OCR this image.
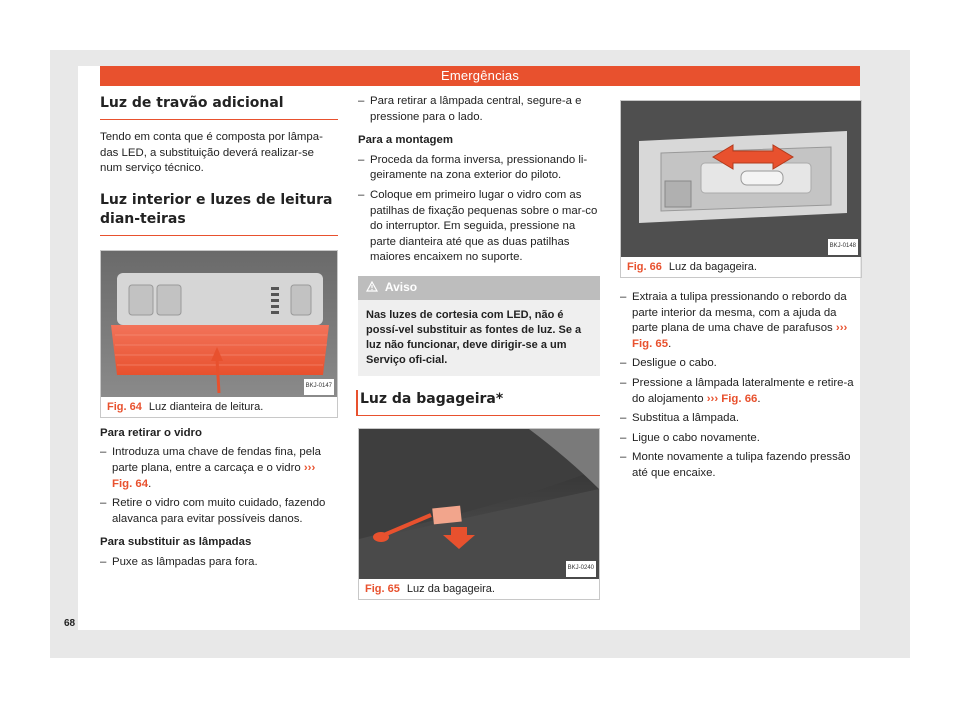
Emergências
Luz de travão adicional

Tendo em conta que é composta por lâmpa-das LED, a substituição deverá realizar-se num serviço técnico.

Luz interior e luzes de leitura dian-teiras
BKJ-0147
Fig. 64 Luz dianteira de leitura.
Para retirar o vidro
– Introduza uma chave de fendas fina, pela parte plana, entre a carcaça e o vidro ››› Fig. 64.
– Retire o vidro com muito cuidado, fazendo alavanca para evitar possíveis danos.
Para substituir as lâmpadas
– Puxe as lâmpadas para fora.
– Para retirar a lâmpada central, segure-a e pressione para o lado.
Para a montagem
– Proceda da forma inversa, pressionando li-geiramente na zona exterior do piloto.
– Coloque em primeiro lugar o vidro com as patilhas de fixação pequenas sobre o mar-co do interruptor. Em seguida, pressione na parte dianteira até que as duas patilhas maiores encaixem no suporte.
Aviso
Nas luzes de cortesia com LED, não é possí-vel substituir as fontes de luz. Se a luz não funcionar, deve dirigir-se a um Serviço ofi-cial.
Luz da bagageira*
BKJ-0240
Fig. 65 Luz da bagageira.
BKJ-0148
Fig. 66 Luz da bagageira.
– Extraia a tulipa pressionando o rebordo da parte interior da mesma, com a ajuda da parte plana de uma chave de parafusos ››› Fig. 65.
– Desligue o cabo.
– Pressione a lâmpada lateralmente e retire-a do alojamento ››› Fig. 66.
– Substitua a lâmpada.
– Ligue o cabo novamente.
– Monte novamente a tulipa fazendo pressão até que encaixe.
68
